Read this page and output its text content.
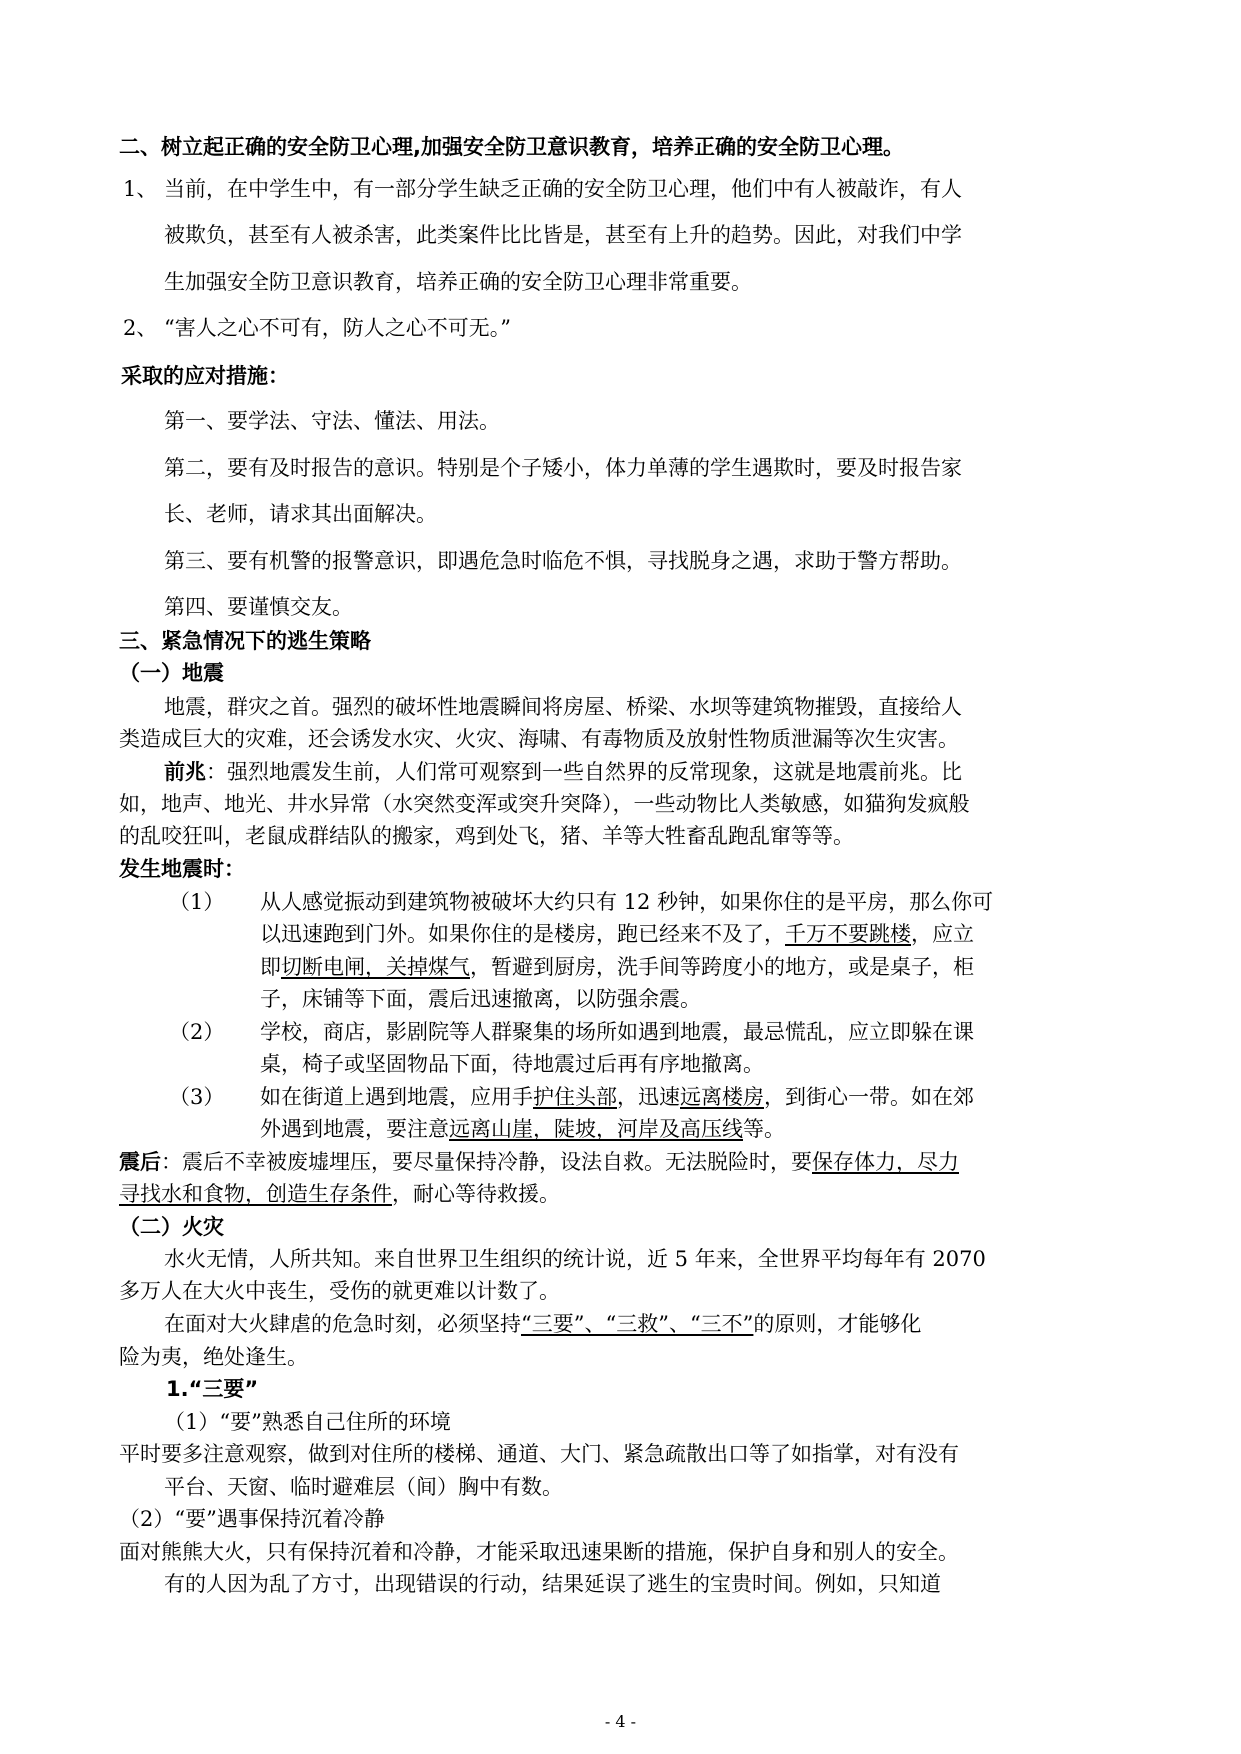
二、树立起正确的安全防卫心理,加强安全防卫意识教育，培养正确的安全防卫心理。
1、 当前，在中学生中，有一部分学生缺乏正确的安全防卫心理，他们中有人被敲诈，有人
被欺负，甚至有人被杀害，此类案件比比皆是，甚至有上升的趋势。因此，对我们中学
生加强安全防卫意识教育，培养正确的安全防卫心理非常重要。
2、 “害人之心不可有，防人之心不可无。”
采取的应对措施：
第一、要学法、守法、懂法、用法。
第二，要有及时报告的意识。特别是个子矮小，体力单薄的学生遇欺时，要及时报告家
长、老师，请求其出面解决。
第三、要有机警的报警意识，即遇危急时临危不惧，寻找脱身之遇，求助于警方帮助。
第四、要谨慎交友。
三、紧急情况下的逃生策略
（一）地震
地震，群灾之首。强烈的破坏性地震瞬间将房屋、桥梁、水坝等建筑物摧毁，直接给人
类造成巨大的灾难，还会诱发水灾、火灾、海啸、有毒物质及放射性物质泄漏等次生灾害。
前兆：强烈地震发生前，人们常可观察到一些自然界的反常现象，这就是地震前兆。比
如，地声、地光、井水异常（水突然变浑或突升突降），一些动物比人类敏感，如猫狗发疯般
的乱咬狂叫，老鼠成群结队的搬家，鸡到处飞，猪、羊等大牲畜乱跑乱窜等等。
发生地震时：
（1） 从人感觉振动到建筑物被破坏大约只有 12 秒钟，如果你住的是平房，那么你可
以迅速跑到门外。如果你住的是楼房，跑已经来不及了，千万不要跳楼，应立
即切断电闸，关掉煤气，暂避到厨房，洗手间等跨度小的地方，或是桌子，柜
子，床铺等下面，震后迅速撤离，以防强余震。
（2） 学校，商店，影剧院等人群聚集的场所如遇到地震，最忌慌乱，应立即躲在课
桌，椅子或坚固物品下面，待地震过后再有序地撤离。
（3） 如在街道上遇到地震，应用手护住头部，迅速远离楼房，到街心一带。如在郊
外遇到地震，要注意远离山崖，陡坡，河岸及高压线等。
震后：震后不幸被废墟埋压，要尽量保持冷静，设法自救。无法脱险时，要保存体力，尽力
寻找水和食物，创造生存条件，耐心等待救援。
（二）火灾
水火无情，人所共知。来自世界卫生组织的统计说，近 5 年来，全世界平均每年有 2070
多万人在大火中丧生，受伤的就更难以计数了。
在面对大火肆虐的危急时刻，必须坚持“三要”、“三救”、“三不”的原则，才能够化
险为夷，绝处逢生。
1.“三要”
（1）“要”熟悉自己住所的环境
平时要多注意观察，做到对住所的楼梯、通道、大门、紧急疏散出口等了如指掌，对有没有
平台、天窗、临时避难层（间）胸中有数。
（2）“要”遇事保持沉着冷静
面对熊熊大火，只有保持沉着和冷静，才能采取迅速果断的措施，保护自身和别人的安全。
有的人因为乱了方寸，出现错误的行动，结果延误了逃生的宝贵时间。例如，只知道
- 4 -
